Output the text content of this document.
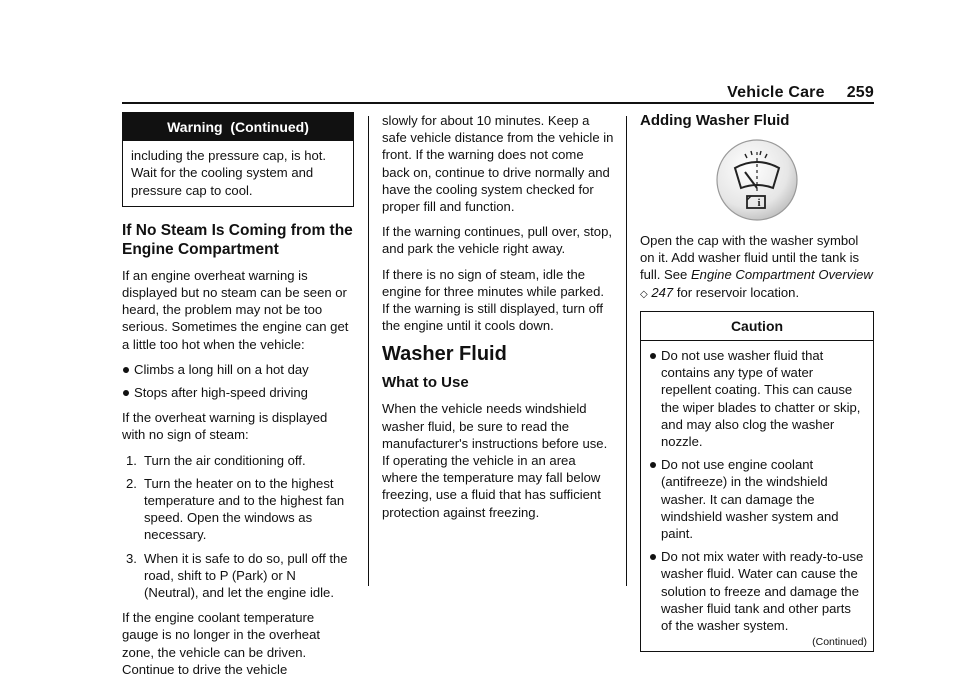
Vehicle Care 259
Warning  (Continued)
including the pressure cap, is hot. Wait for the cooling system and pressure cap to cool.
If No Steam Is Coming from the Engine Compartment

If an engine overheat warning is displayed but no steam can be seen or heard, the problem may not be too serious. Sometimes the engine can get a little too hot when the vehicle:

Climbs a long hill on a hot day
Stops after high-speed driving

If the overheat warning is displayed with no sign of steam:

1. Turn the air conditioning off.
2. Turn the heater on to the highest temperature and to the highest fan speed. Open the windows as necessary.
3. When it is safe to do so, pull off the road, shift to P (Park) or N (Neutral), and let the engine idle.

If the engine coolant temperature gauge is no longer in the overheat zone, the vehicle can be driven. Continue to drive the vehicle

slowly for about 10 minutes. Keep a safe vehicle distance from the vehicle in front. If the warning does not come back on, continue to drive normally and have the cooling system checked for proper fill and function.

If the warning continues, pull over, stop, and park the vehicle right away.

If there is no sign of steam, idle the engine for three minutes while parked. If the warning is still displayed, turn off the engine until it cools down.

Washer Fluid
What to Use

When the vehicle needs windshield washer fluid, be sure to read the manufacturer's instructions before use. If operating the vehicle in an area where the temperature may fall below freezing, use a fluid that has sufficient protection against freezing.

Adding Washer Fluid
i

Open the cap with the washer symbol on it. Add washer fluid until the tank is full. See Engine Compartment Overview ◇ 247 for reservoir location.

Caution
Do not use washer fluid that contains any type of water repellent coating. This can cause the wiper blades to chatter or skip, and may also clog the washer nozzle.
Do not use engine coolant (antifreeze) in the windshield washer. It can damage the windshield washer system and paint.
Do not mix water with ready-to-use washer fluid. Water can cause the solution to freeze and damage the washer fluid tank and other parts of the washer system.
(Continued)
